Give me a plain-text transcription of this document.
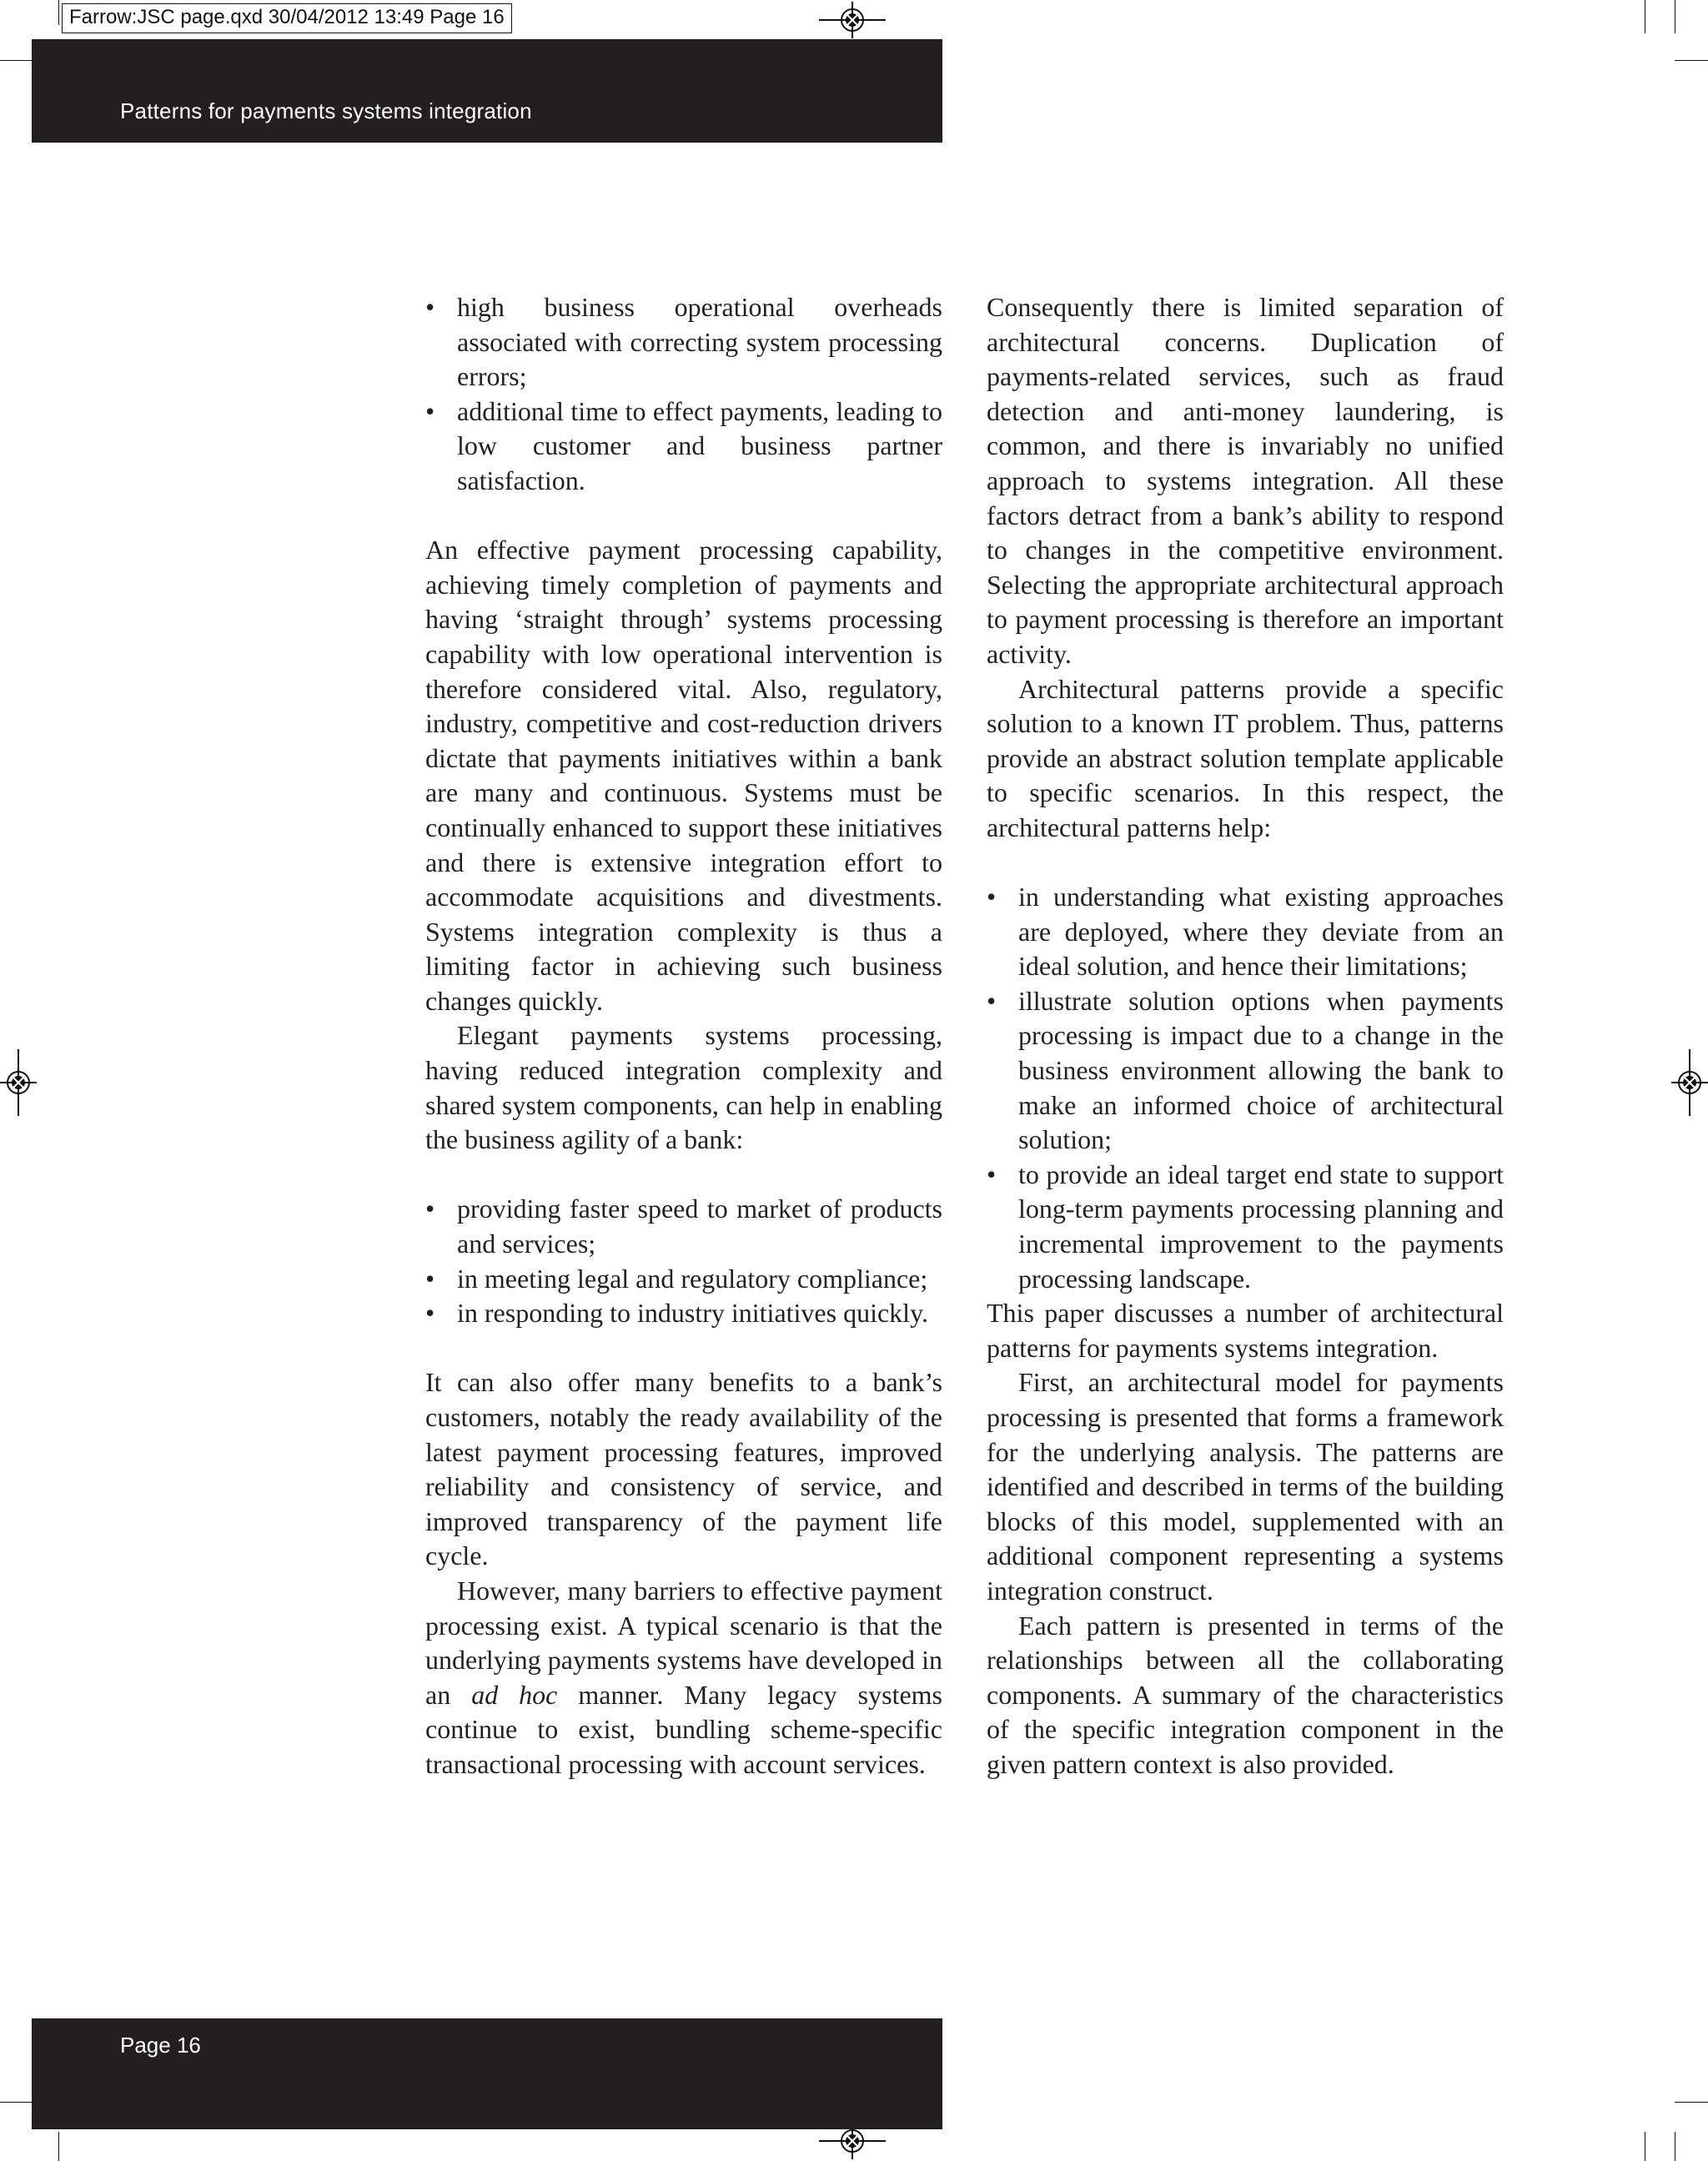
Farrow:JSC page.qxd 30/04/2012 13:49 Page 16
Patterns for payments systems integration
• high business operational overheads associated with correcting system processing errors;
• additional time to effect payments, leading to low customer and business partner satisfaction.

An effective payment processing capability, achieving timely completion of payments and having ‘straight through’ systems processing capability with low operational intervention is therefore considered vital. Also, regulatory, industry, competitive and cost-reduction drivers dictate that payments initiatives within a bank are many and continuous. Systems must be continually enhanced to support these initiatives and there is extensive integration effort to accommodate acquisitions and divestments. Systems integration complexity is thus a limiting factor in achieving such business changes quickly.

Elegant payments systems processing, having reduced integration complexity and shared system components, can help in enabling the business agility of a bank:

• providing faster speed to market of products and services;
• in meeting legal and regulatory compliance;
• in responding to industry initiatives quickly.

It can also offer many benefits to a bank’s customers, notably the ready availability of the latest payment processing features, improved reliability and consistency of service, and improved transparency of the payment life cycle.

However, many barriers to effective payment processing exist. A typical scenario is that the underlying payments systems have developed in an ad hoc manner. Many legacy systems continue to exist, bundling scheme-specific transactional processing with account services.

Consequently there is limited separation of architectural concerns. Duplication of payments-related services, such as fraud detection and anti-money laundering, is common, and there is invariably no unified approach to systems integration. All these factors detract from a bank’s ability to respond to changes in the competitive environment. Selecting the appropriate architectural approach to payment processing is therefore an important activity.

Architectural patterns provide a specific solution to a known IT problem. Thus, patterns provide an abstract solution template applicable to specific scenarios. In this respect, the architectural patterns help:

• in understanding what existing approaches are deployed, where they deviate from an ideal solution, and hence their limitations;
• illustrate solution options when payments processing is impact due to a change in the business environment allowing the bank to make an informed choice of architectural solution;
• to provide an ideal target end state to support long-term payments processing planning and incremental improvement to the payments processing landscape.

This paper discusses a number of architectural patterns for payments systems integration.

First, an architectural model for payments processing is presented that forms a framework for the underlying analysis. The patterns are identified and described in terms of the building blocks of this model, supplemented with an additional component representing a systems integration construct.

Each pattern is presented in terms of the relationships between all the collaborating components. A summary of the characteristics of the specific integration component in the given pattern context is also provided.

Page 16
